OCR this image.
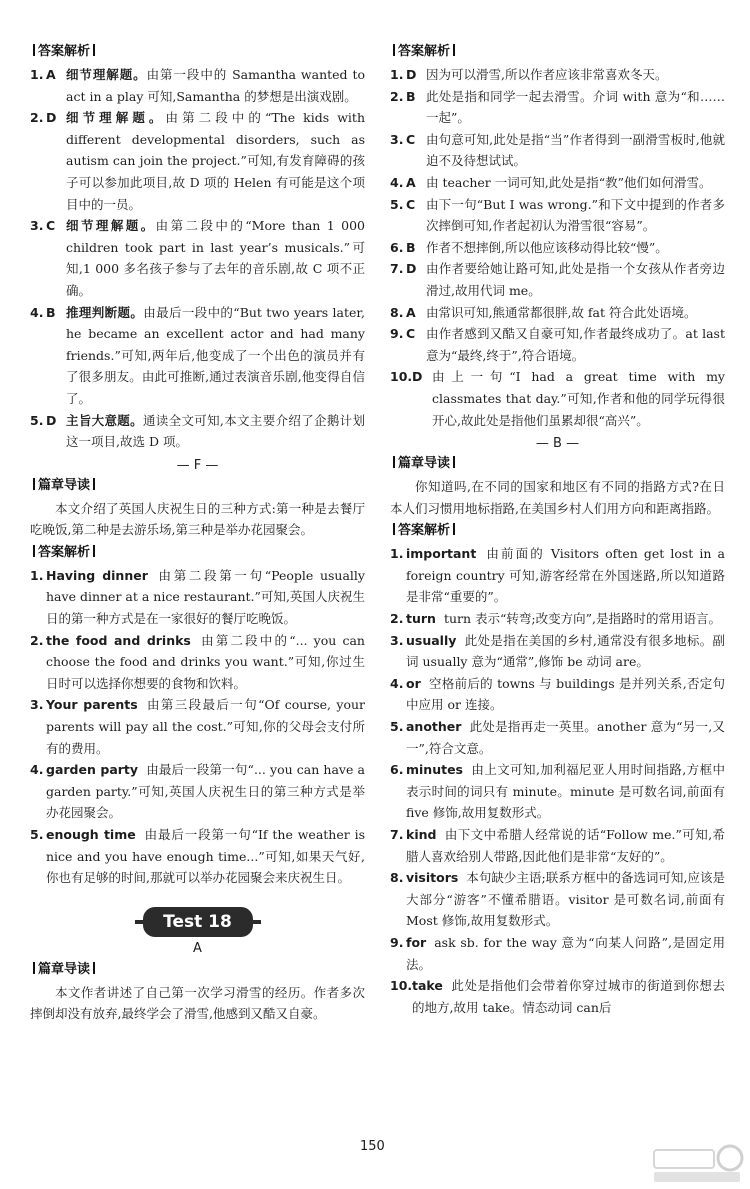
答案解析
1. A 细节理解题。由第一段中的 Samantha wanted to act in a play 可知,Samantha 的梦想是出演戏剧。
2. D 细节理解题。由第二段中的“The kids with different developmental disorders, such as autism can join the project.”可知,有发育障碍的孩子可以参加此项目,故 D 项的 Helen 有可能是这个项目中的一员。
3. C 细节理解题。由第二段中的“More than 1 000 children took part in last year’s musicals.”可知,1 000 多名孩子参与了去年的音乐剧,故 C 项不正确。
4. B 推理判断题。由最后一段中的“But two years later, he became an excellent actor and had many friends.”可知,两年后,他变成了一个出色的演员并有了很多朋友。由此可推断,通过表演音乐剧,他变得自信了。
5. D 主旨大意题。通读全文可知,本文主要介绍了企鹅计划这一项目,故选 D 项。
— F —
篇章导读
本文介绍了英国人庆祝生日的三种方式:第一种是去餐厅吃晚饭,第二种是去游乐场,第三种是举办花园聚会。
答案解析
1. Having dinner 由第二段第一句“People usually have dinner at a nice restaurant.”可知,英国人庆祝生日的第一种方式是在一家很好的餐厅吃晚饭。
2. the food and drinks 由第二段中的“... you can choose the food and drinks you want.”可知,你过生日时可以选择你想要的食物和饮料。
3. Your parents 由第三段最后一句“Of course, your parents will pay all the cost.”可知,你的父母会支付所有的费用。
4. garden party 由最后一段第一句“... you can have a garden party.”可知,英国人庆祝生日的第三种方式是举办花园聚会。
5. enough time 由最后一段第一句“If the weather is nice and you have enough time...”可知,如果天气好,你也有足够的时间,那就可以举办花园聚会来庆祝生日。
Test 18
A
篇章导读
本文作者讲述了自己第一次学习滑雪的经历。作者多次摔倒却没有放弃,最终学会了滑雪,他感到又酷又自豪。
答案解析
1. D 因为可以滑雪,所以作者应该非常喜欢冬天。
2. B 此处是指和同学一起去滑雪。介词 with 意为“和……一起”。
3. C 由句意可知,此处是指“当”作者得到一副滑雪板时,他就迫不及待想试试。
4. A 由 teacher 一词可知,此处是指“教”他们如何滑雪。
5. C 由下一句“But I was wrong.”和下文中提到的作者多次摔倒可知,作者起初认为滑雪很“容易”。
6. B 作者不想摔倒,所以他应该移动得比较“慢”。
7. D 由作者要给她让路可知,此处是指一个女孩从作者旁边滑过,故用代词 me。
8. A 由常识可知,熊通常都很胖,故 fat 符合此处语境。
9. C 由作者感到又酷又自豪可知,作者最终成功了。at last 意为“最终,终于”,符合语境。
10. D 由上一句“I had a great time with my classmates that day.”可知,作者和他的同学玩得很开心,故此处是指他们虽累却很“高兴”。
— B —
篇章导读
你知道吗,在不同的国家和地区有不同的指路方式?在日本人们习惯用地标指路,在美国乡村人们用方向和距离指路。
答案解析
1. important 由前面的 Visitors often get lost in a foreign country 可知,游客经常在外国迷路,所以知道路是非常“重要的”。
2. turn turn 表示“转弯;改变方向”,是指路时的常用语言。
3. usually 此处是指在美国的乡村,通常没有很多地标。副词 usually 意为“通常”,修饰 be 动词 are。
4. or 空格前后的 towns 与 buildings 是并列关系,否定句中应用 or 连接。
5. another 此处是指再走一英里。another 意为“另一,又一”,符合文意。
6. minutes 由上文可知,加利福尼亚人用时间指路,方框中表示时间的词只有 minute。minute 是可数名词,前面有 five 修饰,故用复数形式。
7. kind 由下文中希腊人经常说的话“Follow me.”可知,希腊人喜欢给别人带路,因此他们是非常“友好的”。
8. visitors 本句缺少主语;联系方框中的备选词可知,应该是大部分“游客”不懂希腊语。visitor 是可数名词,前面有 Most 修饰,故用复数形式。
9. for ask sb. for the way 意为“向某人问路”,是固定用法。
10. take 此处是指他们会带着你穿过城市的街道到你想去的地方,故用 take。情态动词 can后
150
